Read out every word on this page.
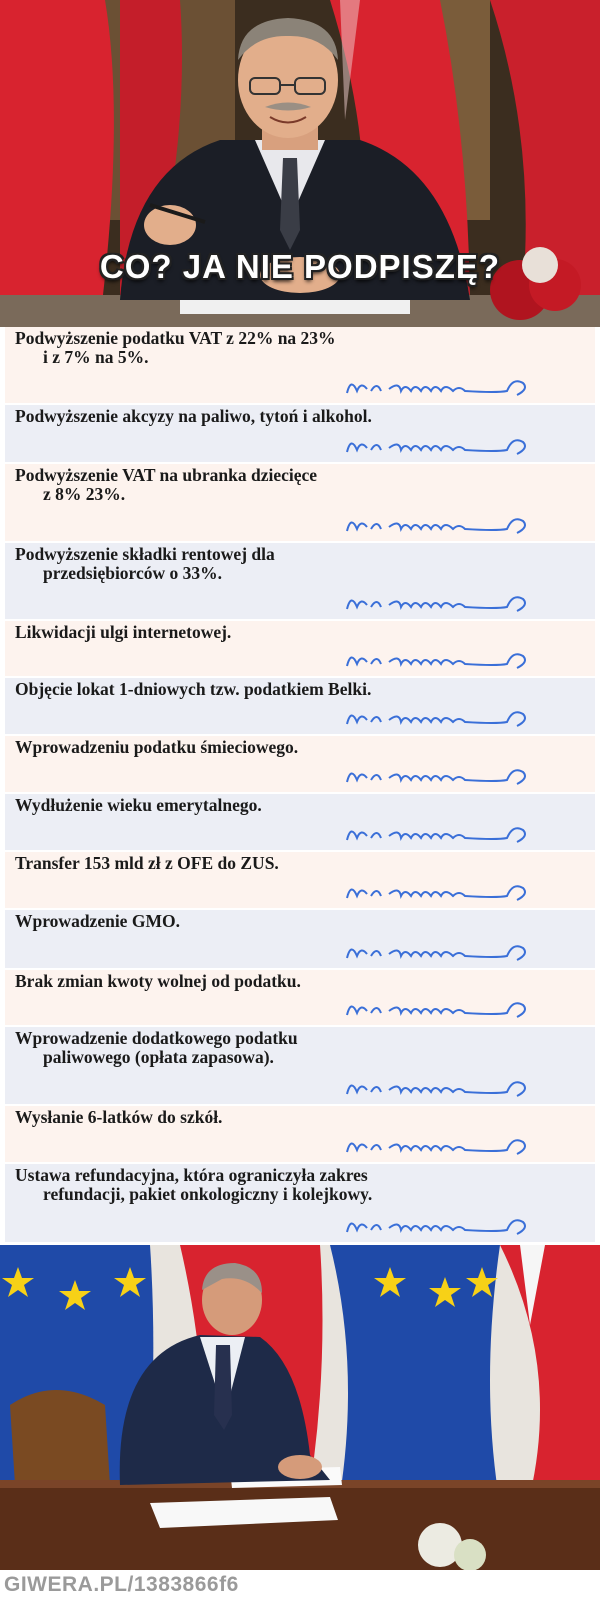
CO? JA NIE PODPISZĘ?
Podwyższenie podatku VAT z 22% na 23%
i z 7% na 5%.
Podwyższenie akcyzy na paliwo, tytoń i alkohol.
Podwyższenie VAT na ubranka dziecięce
z 8% 23%.
Podwyższenie składki rentowej dla
przedsiębiorców o 33%.
Likwidacji ulgi internetowej.
Objęcie lokat 1-dniowych tzw. podatkiem Belki.
Wprowadzeniu podatku śmieciowego.
Wydłużenie wieku emerytalnego.
Transfer 153 mld zł z OFE do ZUS.
Wprowadzenie GMO.
Brak zmian kwoty wolnej od podatku.
Wprowadzenie dodatkowego podatku
paliwowego (opłata zapasowa).
Wysłanie 6-latków do szkół.
Ustawa refundacyjna, która ograniczyła zakres
refundacji, pakiet onkologiczny i kolejkowy.
GIWERA.PL/1383866f6
